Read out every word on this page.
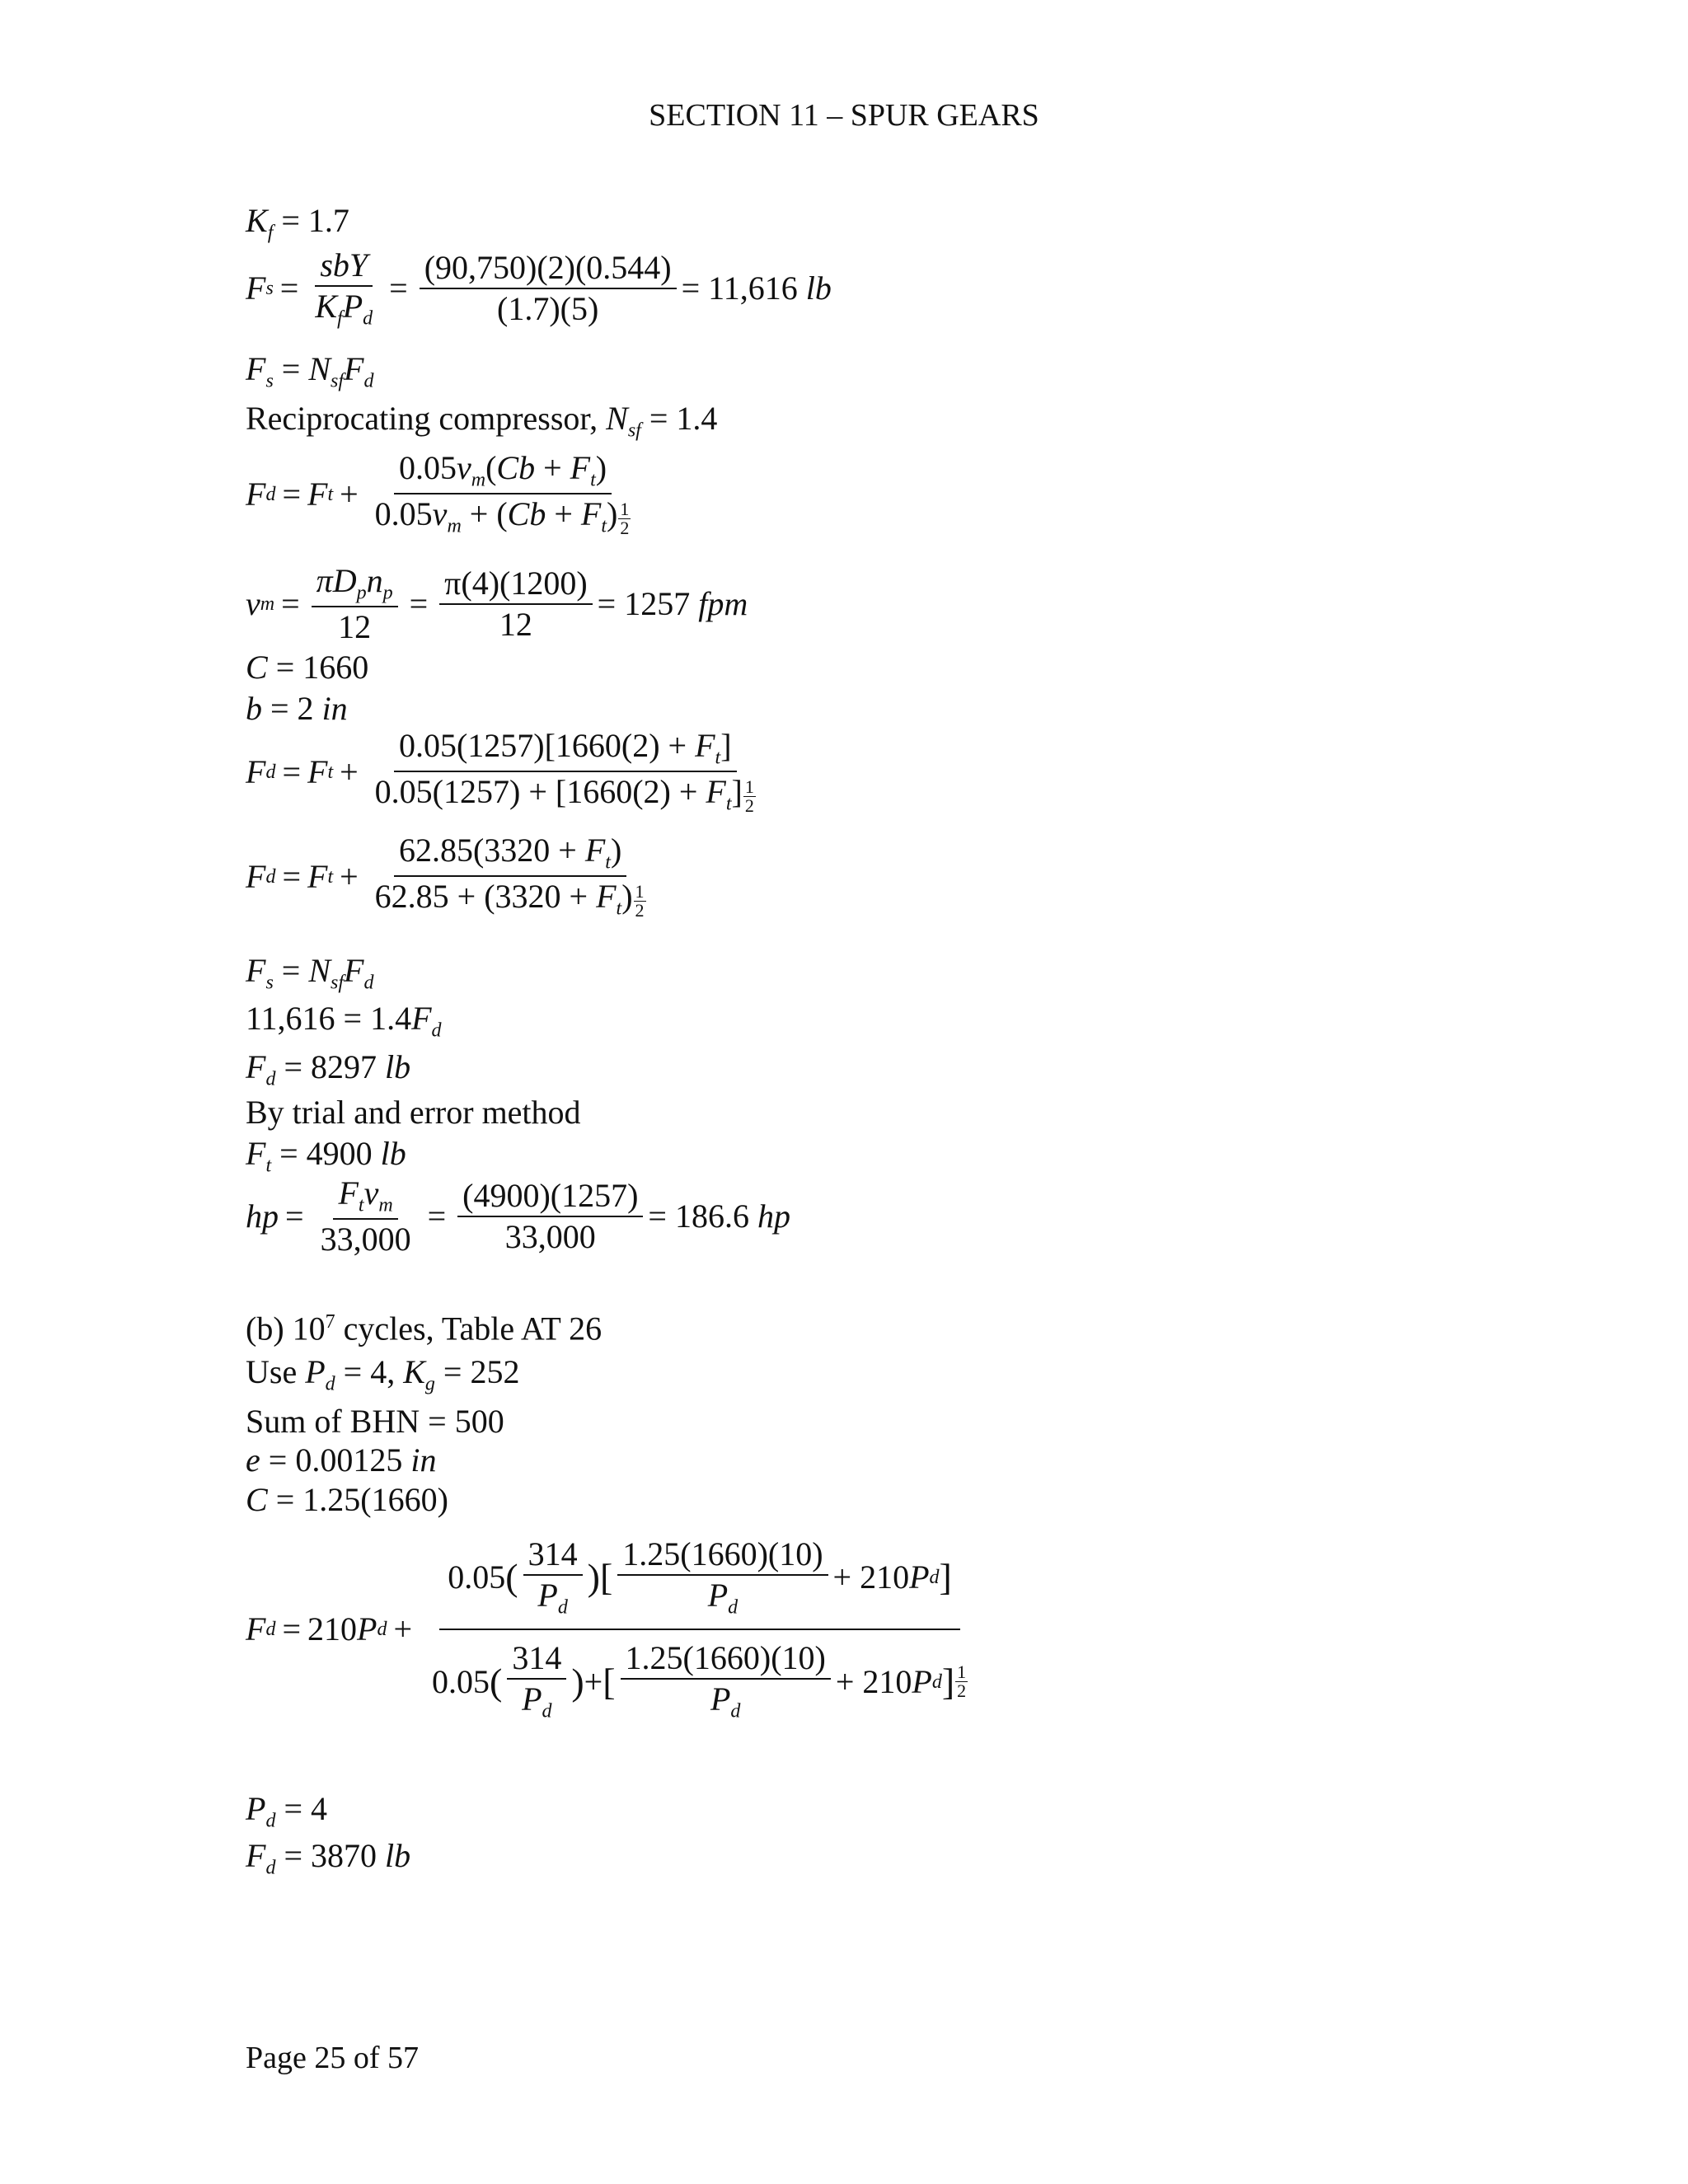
SECTION 11 – SPUR GEARS
$K_f = 1.7$
F $s = \frac{\text{sbY}}{K_fP_d} = \frac{(90,750)(2)(0.544)}{(1.7)(5)} = 11,616$ lb
$F_s = N_{sf}F_d$
Reciprocating compressor, $N_{sf} = 1.4$
F d = F $t + \frac{0.05v_m(Cb + F_t)}{0.05v_m + (Cb + F_t) \frac{1}{2}}$
v $m = \frac{\pi D_pn_p}{12} = \frac{\pi(4)(1200)}{12} = 1257$ fpm
C = 1660
b = 2 in
F d = F $t + \frac{0.05(1257)[1660(2) + F_t]}{0.05(1257) + [1660(2) + F_t] \frac{1}{2}}$
F d = F $t + \frac{62.85(3320 + F_t)}{62.85 + (3320 + F_t) \frac{1}{2}}$
$F_s = N_{sf}F_d$
$11,616 = 1.4F_d$
$F_d = 8297$ lb
By trial and error method
$F_t = 4900$ lb
hp = $\frac{F_tv_m}{33,000} = \frac{(4900)(1257)}{33,000} = 186.6$ hp
(b) $10^7$ cycles, Table AT 26
Use $P_d = 4$, $K_g = 252$
Sum of BHN = 500
e = 0.00125 in
C = 1.25(1660)
F d = 210 P d + 0.05 ( $\frac{314}{P_d}$ ) [ $\frac{1.25(1660)(10)}{P_d} + 210$ P d ]
0.05 ( $\frac{314}{P_d}$ ) + [ $\frac{1.25(1660)(10)}{P_d} + 210$ P d ] 1
2
$P_d = 4$
$F_d = 3870$ lb
Page 25 of 57
